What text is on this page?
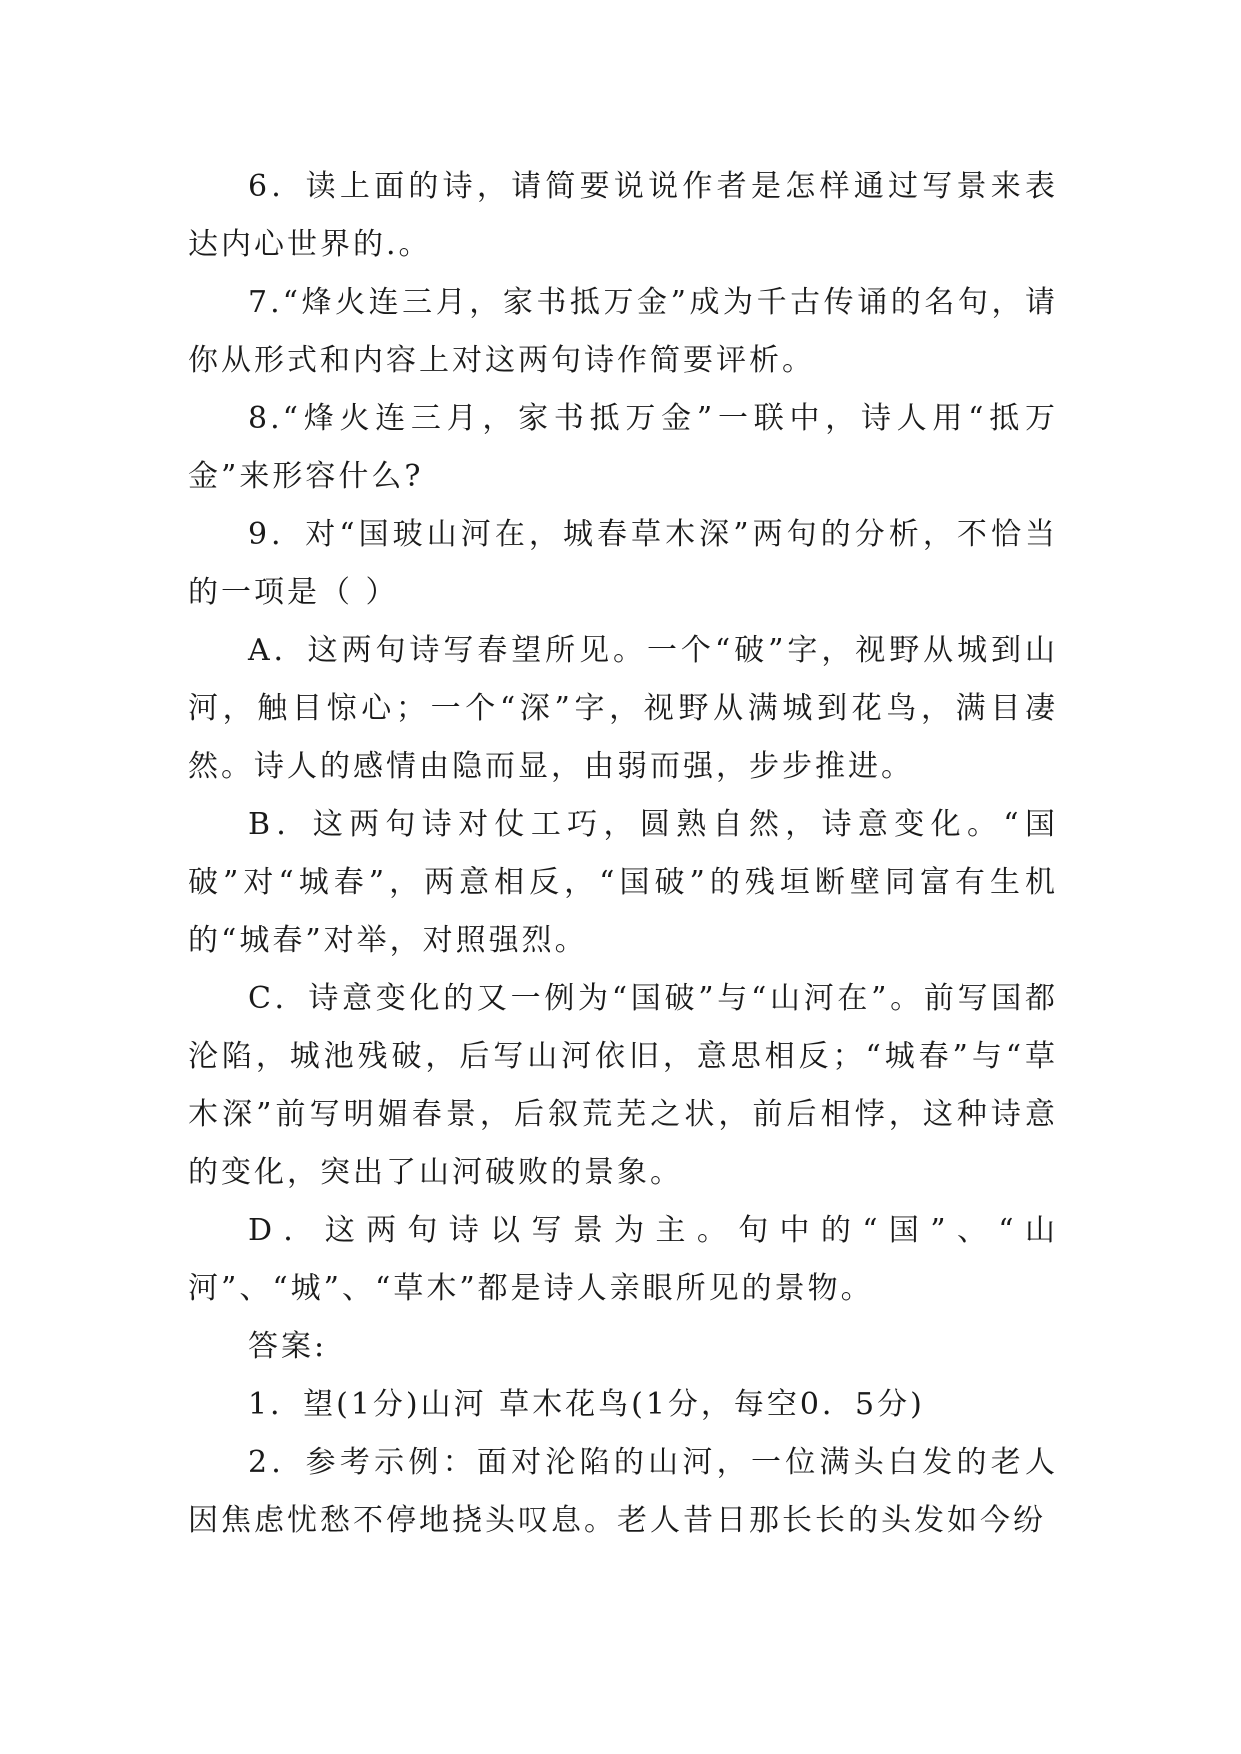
6．读上面的诗，请简要说说作者是怎样通过写景来表达内心世界的.。

7.“烽火连三月，家书抵万金”成为千古传诵的名句，请你从形式和内容上对这两句诗作简要评析。

8.“烽火连三月，家书抵万金”一联中，诗人用“抵万金”来形容什么?

9．对“国玻山河在，城春草木深”两句的分析，不恰当的一项是（ ）

A．这两句诗写春望所见。一个“破”字，视野从城到山河，触目惊心；一个“深”字，视野从满城到花鸟，满目凄然。诗人的感情由隐而显，由弱而强，步步推进。

B．这两句诗对仗工巧，圆熟自然，诗意变化。“国破”对“城春”，两意相反，“国破”的残垣断壁同富有生机的“城春”对举，对照强烈。

C．诗意变化的又一例为“国破”与“山河在”。前写国都沦陷，城池残破，后写山河依旧，意思相反；“城春”与“草木深”前写明媚春景，后叙荒芜之状，前后相悖，这种诗意的变化，突出了山河破败的景象。

D．这两句诗以写景为主。句中的“国”、“山河”、“城”、“草木”都是诗人亲眼所见的景物。

答案:

1．望(1分)山河 草木花鸟(1分，每空0．5分)

2．参考示例：面对沦陷的山河，一位满头白发的老人因焦虑忧愁不停地挠头叹息。老人昔日那长长的头发如今纷
